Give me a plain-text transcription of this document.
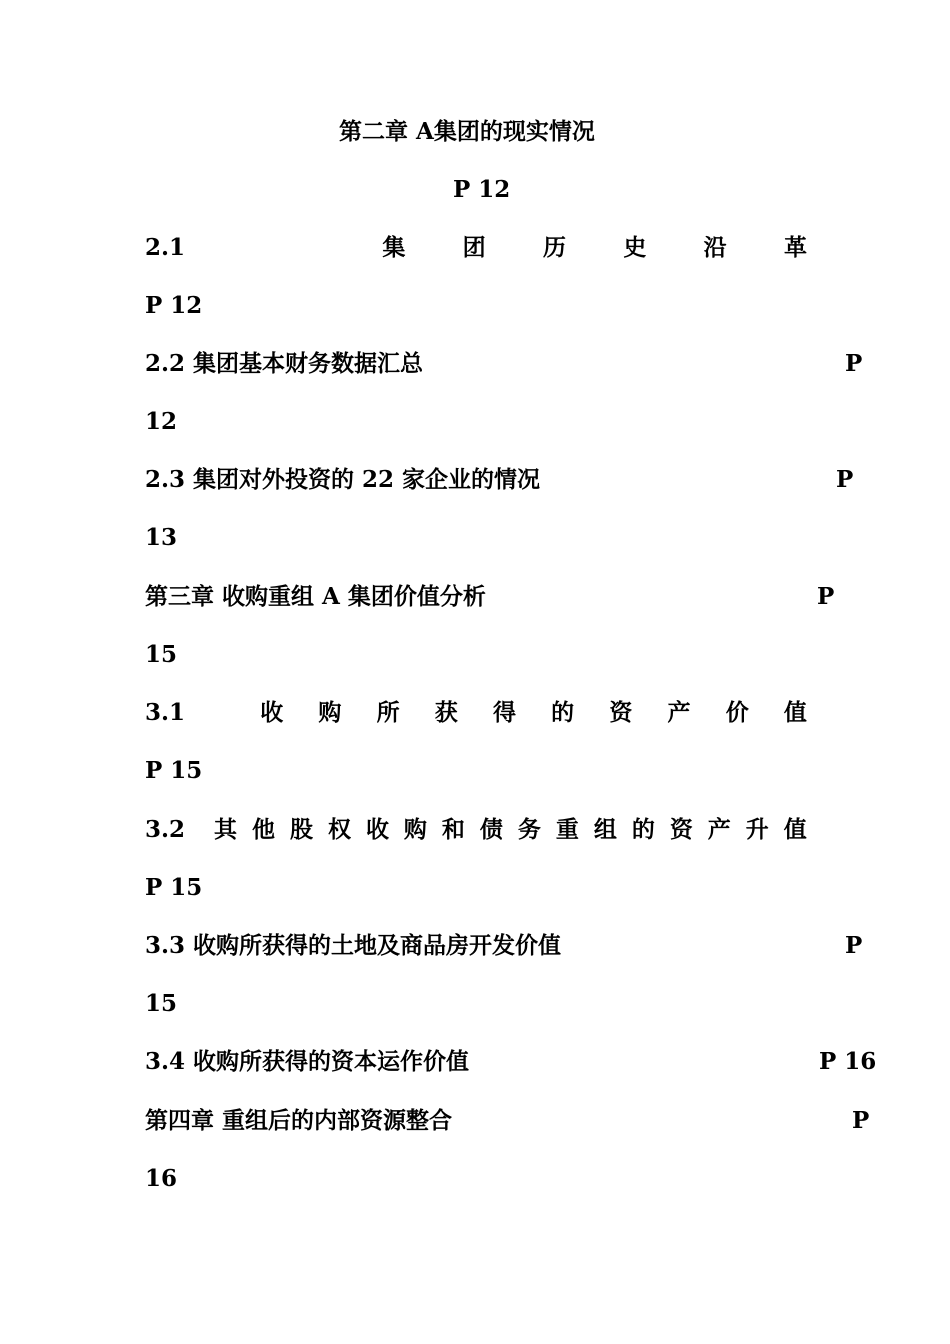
第二章 A集团的现实情况
P 12
2.1	集 团 历 史 沿 革
P 12
2.2 集团基本财务数据汇总	P
12
2.3 集团对外投资的 22 家企业的情况	P
13
第三章 收购重组 A 集团价值分析	P
15
3.1	收 购 所 获 得 的 资 产 价 值
P 15
3.2 其 他 股 权 收 购 和 债 务 重 组 的 资 产 升 值
P 15
3.3 收购所获得的土地及商品房开发价值	P
15
3.4 收购所获得的资本运作价值	P 16
第四章 重组后的内部资源整合	P
16
